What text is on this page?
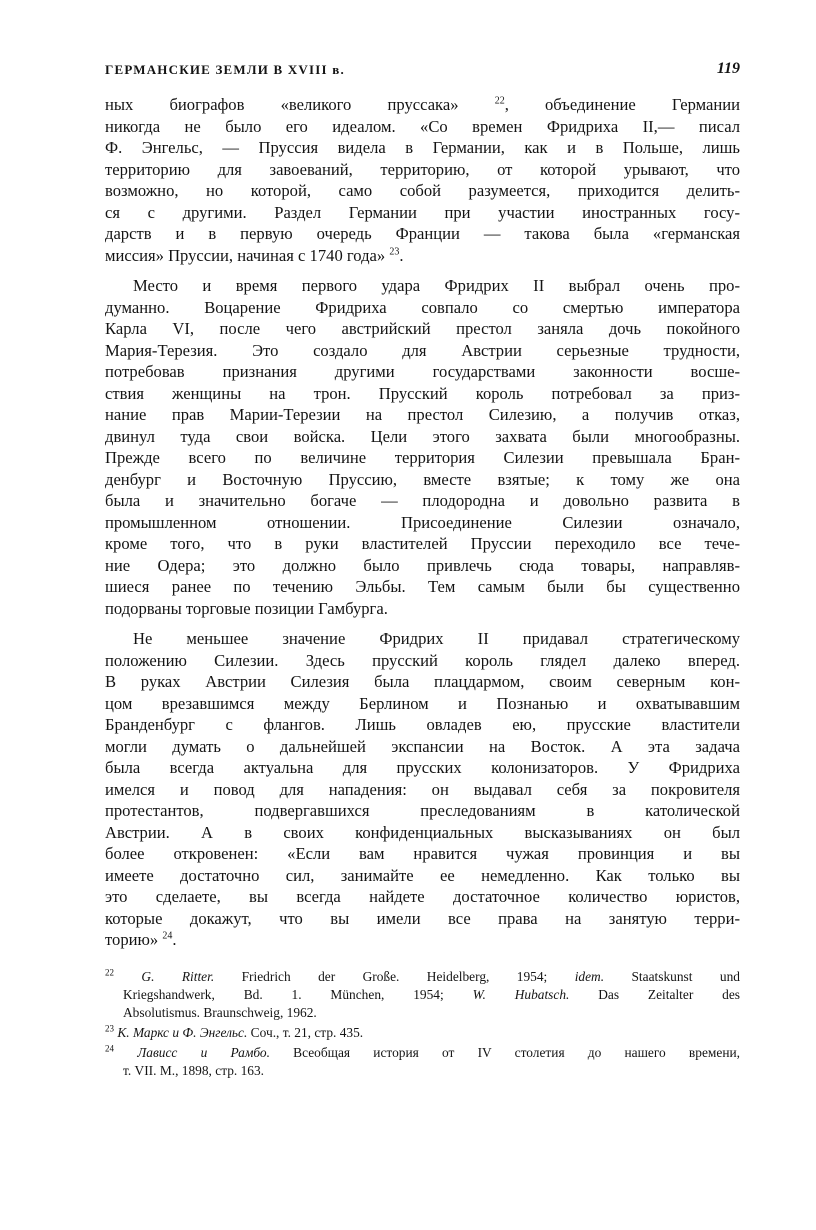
ГЕРМАНСКИЕ ЗЕМЛИ В XVIII в.	119
ных биографов «великого пруссака» $^{22}$, объединение Германии
никогда не было его идеалом. «Со времен Фридриха II,— писал
Ф. Энгельс, — Пруссия видела в Германии, как и в Польше, лишь
территорию для завоеваний, территорию, от которой урывают, что
возможно, но которой, само собой разумеется, приходится делить-
ся с другими. Раздел Германии при участии иностранных госу-
дарств и в первую очередь Франции — такова была «германская
миссия» Пруссии, начиная с 1740 года» $^{23}$.
Место и время первого удара Фридрих II выбрал очень про-
думанно. Воцарение Фридриха совпало со смертью императора
Карла VI, после чего австрийский престол заняла дочь покойного
Мария-Терезия. Это создало для Австрии серьезные трудности,
потребовав признания другими государствами законности восше-
ствия женщины на трон. Прусский король потребовал за приз-
нание прав Марии-Терезии на престол Силезию, а получив отказ,
двинул туда свои войска. Цели этого захвата были многообразны.
Прежде всего по величине территория Силезии превышала Бран-
денбург и Восточную Пруссию, вместе взятые; к тому же она
была и значительно богаче — плодородна и довольно развита в
промышленном отношении. Присоединение Силезии означало,
кроме того, что в руки властителей Пруссии переходило все тече-
ние Одера; это должно было привлечь сюда товары, направляв-
шиеся ранее по течению Эльбы. Тем самым были бы существенно
подорваны торговые позиции Гамбурга.
Не меньшее значение Фридрих II придавал стратегическому
положению Силезии. Здесь прусский король глядел далеко вперед.
В руках Австрии Силезия была плацдармом, своим северным кон-
цом врезавшимся между Берлином и Познанью и охватывавшим
Бранденбург с флангов. Лишь овладев ею, прусские властители
могли думать о дальнейшей экспансии на Восток. А эта задача
была всегда актуальна для прусских колонизаторов. У Фридриха
имелся и повод для нападения: он выдавал себя за покровителя
протестантов, подвергавшихся преследованиям в католической
Австрии. А в своих конфиденциальных высказываниях он был
более откровенен: «Если вам нравится чужая провинция и вы
имеете достаточно сил, занимайте ее немедленно. Как только вы
это сделаете, вы всегда найдете достаточное количество юристов,
которые докажут, что вы имели все права на занятую терри-
торию» $^{24}$.
$^{22}$ G. Ritter. Friedrich der Große. Heidelberg, 1954; idem. Staatskunst und
Kriegshandwerk, Bd. 1. München, 1954; W. Hubatsch. Das Zeitalter des
Absolutismus. Braunschweig, 1962.
$^{23}$ К. Маркс и Ф. Энгельс. Соч., т. 21, стр. 435.
$^{24}$ Лависс и Рамбо. Всеобщая история от IV столетия до нашего времени,
т. VII. М., 1898, стр. 163.
